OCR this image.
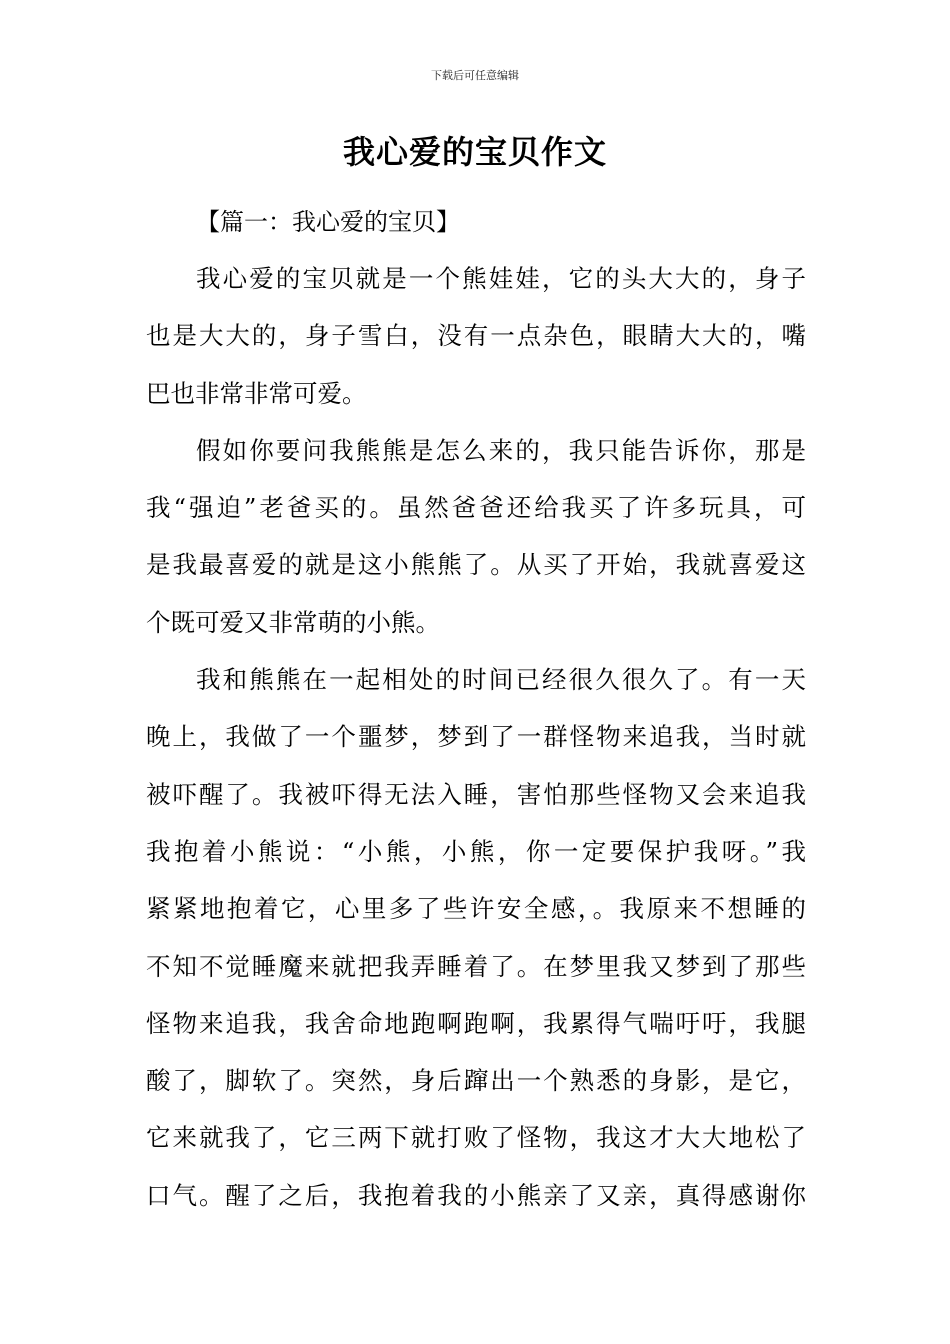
下载后可任意编辑
我心爱的宝贝作文
【篇一：我心爱的宝贝】
我心爱的宝贝就是一个熊娃娃，它的头大大的，身子
也是大大的，身子雪白，没有一点杂色，眼睛大大的，嘴
巴也非常非常可爱。
假如你要问我熊熊是怎么来的，我只能告诉你，那是
我“强迫”老爸买的。虽然爸爸还给我买了许多玩具，可
是我最喜爱的就是这小熊熊了。从买了开始，我就喜爱这
个既可爱又非常萌的小熊。
我和熊熊在一起相处的时间已经很久很久了。有一天
晚上，我做了一个噩梦，梦到了一群怪物来追我，当时就
被吓醒了。我被吓得无法入睡，害怕那些怪物又会来追我
我抱着小熊说：“小熊，小熊，你一定要保护我呀。”我
紧紧地抱着它，心里多了些许安全感，。我原来不想睡的
不知不觉睡魔来就把我弄睡着了。在梦里我又梦到了那些
怪物来追我，我舍命地跑啊跑啊，我累得气喘吁吁，我腿
酸了，脚软了。突然，身后蹿出一个熟悉的身影，是它，
它来就我了，它三两下就打败了怪物，我这才大大地松了
口气。醒了之后，我抱着我的小熊亲了又亲，真得感谢你
